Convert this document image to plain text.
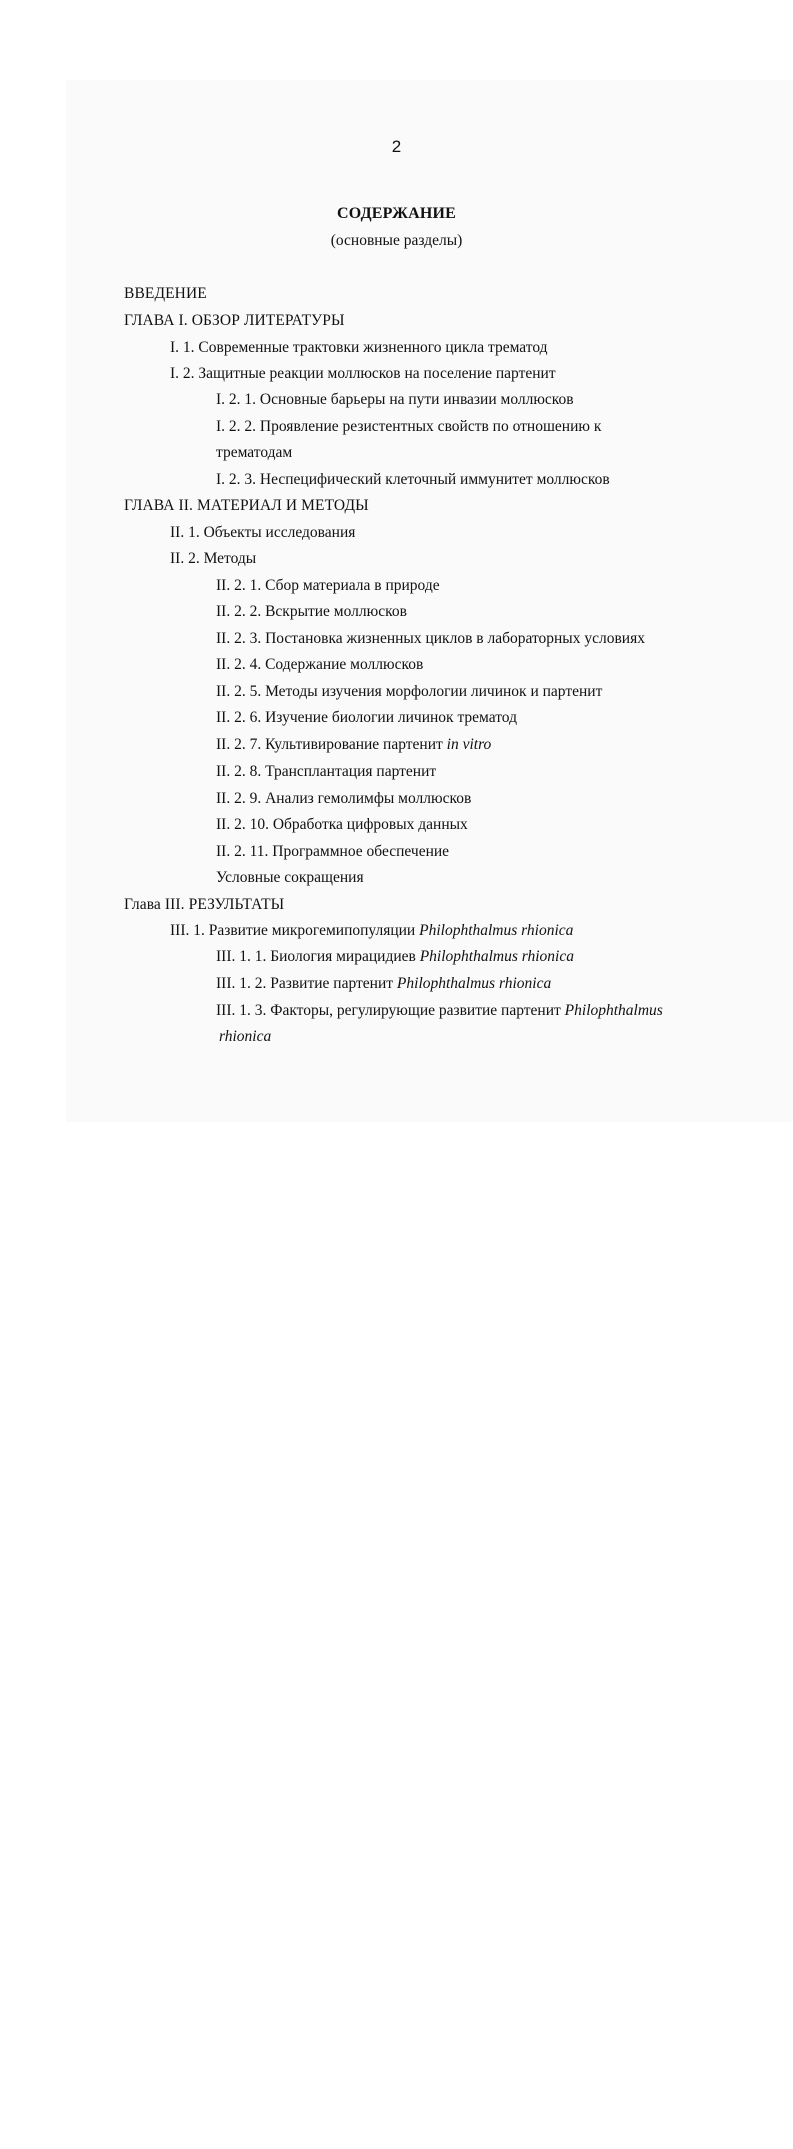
2
СОДЕРЖАНИЕ
(основные разделы)
ВВЕДЕНИЕ
ГЛАВА I. ОБЗОР ЛИТЕРАТУРЫ
I. 1. Современные трактовки жизненного цикла трематод
I. 2. Защитные реакции моллюсков на поселение партенит
I. 2. 1. Основные барьеры на пути инвазии моллюсков
I. 2. 2. Проявление резистентных свойств по отношению к
трематодам
I. 2. 3. Неспецифический клеточный иммунитет моллюсков
ГЛАВА II. МАТЕРИАЛ И МЕТОДЫ
II. 1. Объекты исследования
II. 2. Методы
II. 2. 1. Сбор материала в природе
II. 2. 2. Вскрытие моллюсков
II. 2. 3. Постановка жизненных циклов в лабораторных условиях
II. 2. 4. Содержание моллюсков
II. 2. 5. Методы изучения морфологии личинок и партенит
II. 2. 6. Изучение биологии личинок трематод
II. 2. 7. Культивирование партенит in vitro
II. 2. 8. Трансплантация партенит
II. 2. 9. Анализ гемолимфы моллюсков
II. 2. 10. Обработка цифровых данных
II. 2. 11. Программное обеспечение
Условные сокращения
Глава III. РЕЗУЛЬТАТЫ
III. 1. Развитие микрогемипопуляции Philophthalmus rhionica
III. 1. 1. Биология мирацидиев Philophthalmus rhionica
III. 1. 2. Развитие партенит Philophthalmus rhionica
III. 1. 3. Факторы, регулирующие развитие партенит Philophthalmus
rhionica
